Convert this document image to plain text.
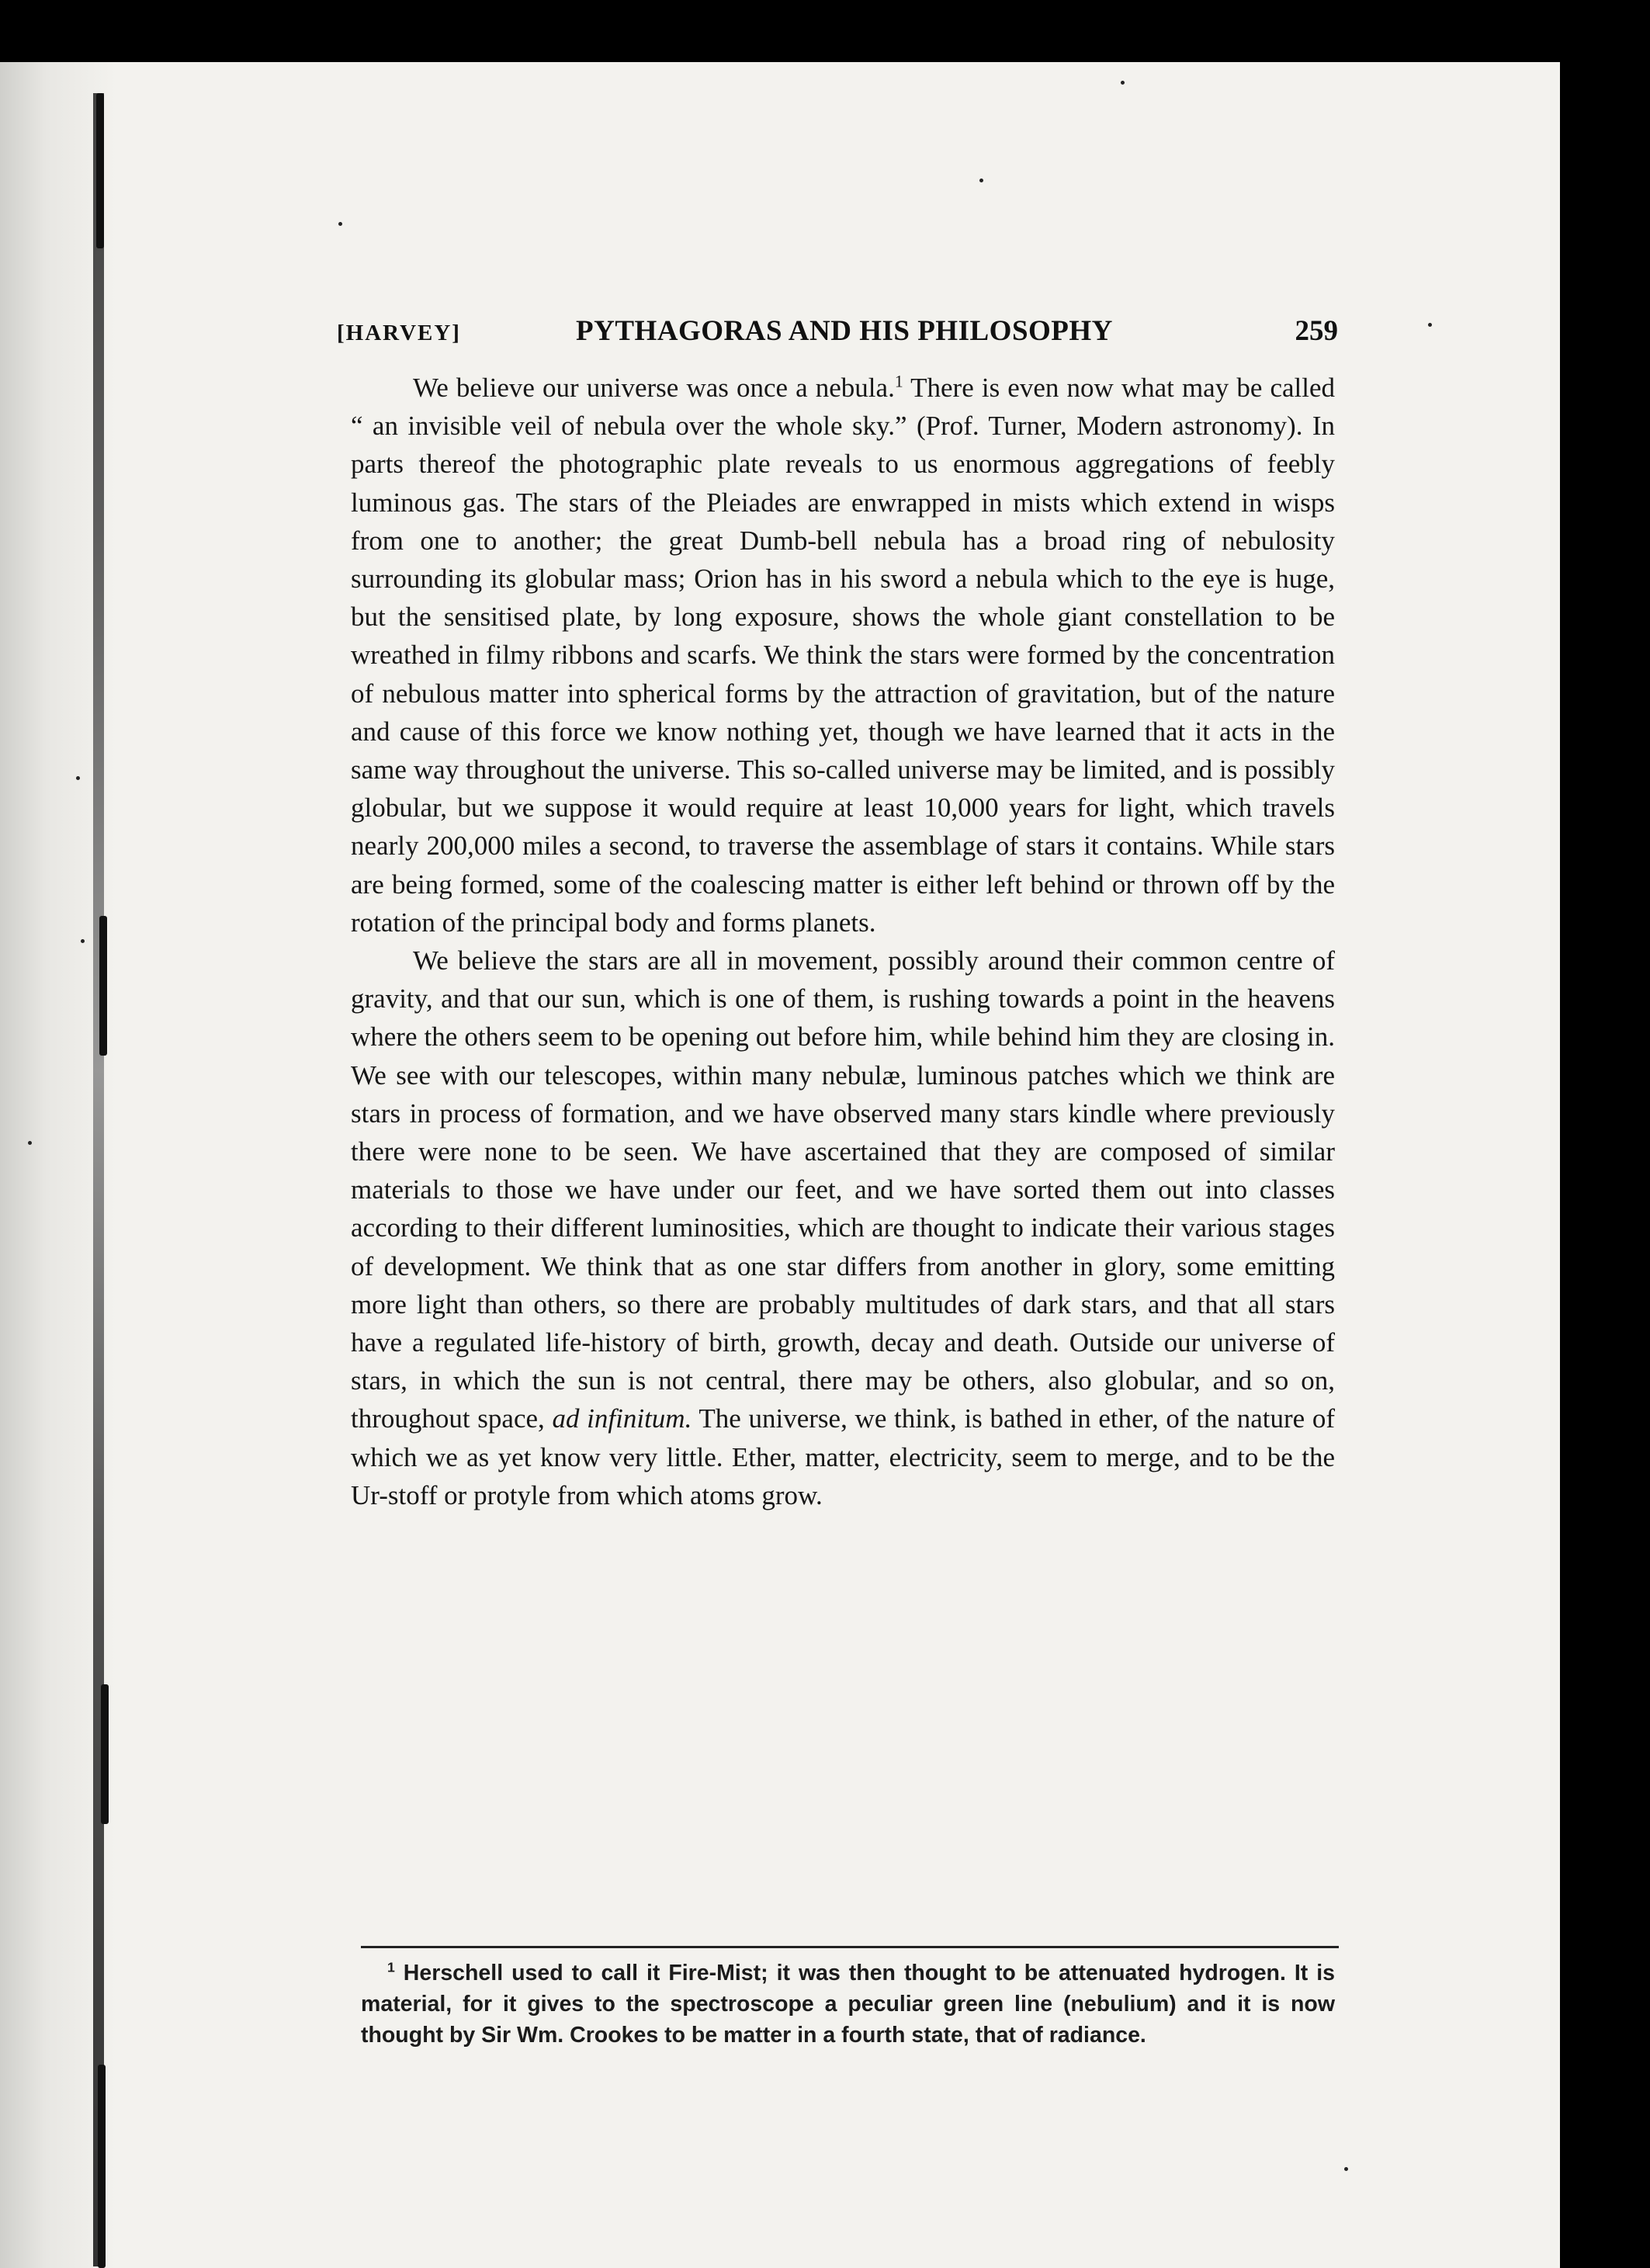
[HARVEY]	PYTHAGORAS AND HIS PHILOSOPHY	259

We believe our universe was once a nebula.$^1$ There is even now what may be called “ an invisible veil of nebula over the whole sky.” (Prof. Turner, Modern astronomy). In parts thereof the photographic plate reveals to us enormous aggregations of feebly luminous gas. The stars of the Pleiades are enwrapped in mists which extend in wisps from one to another; the great Dumb-bell nebula has a broad ring of nebulosity surrounding its globular mass; Orion has in his sword a nebula which to the eye is huge, but the sensitised plate, by long exposure, shows the whole giant constellation to be wreathed in filmy ribbons and scarfs. We think the stars were formed by the concentration of nebulous matter into spherical forms by the attraction of gravitation, but of the nature and cause of this force we know nothing yet, though we have learned that it acts in the same way throughout the universe. This so-called universe may be limited, and is possibly globular, but we suppose it would require at least 10,000 years for light, which travels nearly 200,000 miles a second, to traverse the assemblage of stars it contains. While stars are being formed, some of the coalescing matter is either left behind or thrown off by the rotation of the principal body and forms planets.

We believe the stars are all in movement, possibly around their common centre of gravity, and that our sun, which is one of them, is rushing towards a point in the heavens where the others seem to be opening out before him, while behind him they are closing in. We see with our telescopes, within many nebulæ, luminous patches which we think are stars in process of formation, and we have observed many stars kindle where previously there were none to be seen. We have ascertained that they are composed of similar materials to those we have under our feet, and we have sorted them out into classes according to their different luminosities, which are thought to indicate their various stages of development. We think that as one star differs from another in glory, some emitting more light than others, so there are probably multitudes of dark stars, and that all stars have a regulated life-history of birth, growth, decay and death. Outside our universe of stars, in which the sun is not central, there may be others, also globular, and so on, throughout space, ad infinitum. The universe, we think, is bathed in ether, of the nature of which we as yet know very little. Ether, matter, electricity, seem to merge, and to be the Ur-stoff or protyle from which atoms grow.

$^1$ Herschell used to call it Fire-Mist; it was then thought to be attenuated hydrogen. It is material, for it gives to the spectroscope a peculiar green line (nebulium) and it is now thought by Sir Wm. Crookes to be matter in a fourth state, that of radiance.
